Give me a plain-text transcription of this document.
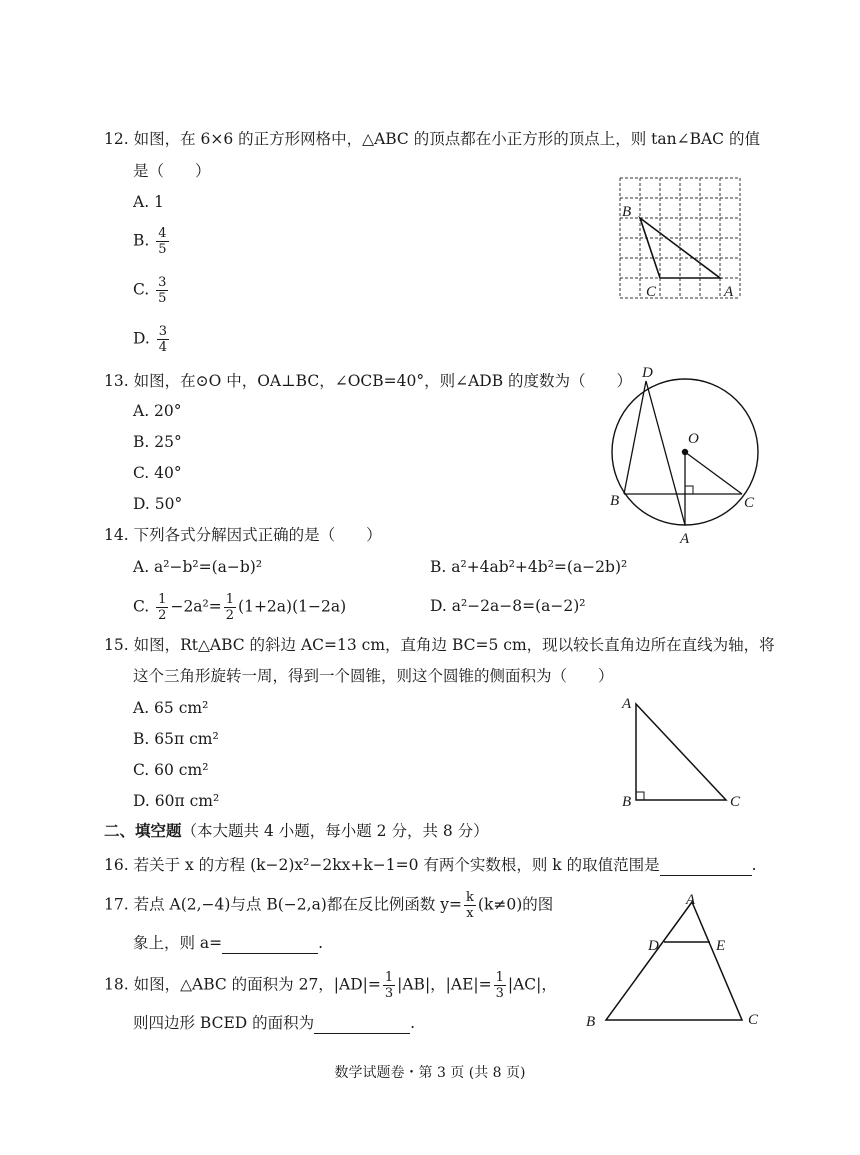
12. 如图，在 6×6 的正方形网格中，△ABC 的顶点都在小正方形的顶点上，则 tan∠BAC 的值
是（　　）
A. 1
B. $\frac{4}{5}$
C. $\frac{3}{5}$
D. $\frac{3}{4}$
B
C	A
13. 如图，在⊙O 中，OA⊥BC，∠OCB=40°，则∠ADB 的度数为（　　）
A. 20°
B. 25°
C. 40°
D. 50°
D
O
B	C
A
14. 下列各式分解因式正确的是（　　）
A. a²−b²=(a−b)²	B. a²+4ab²+4b²=(a−2b)²
C. $\frac{1}{2} -2a^2= \frac{1}{2} (1+2a)(1-2a)$	D. a²−2a−8=(a−2)²
15. 如图，Rt△ABC 的斜边 AC=13 cm，直角边 BC=5 cm，现以较长直角边所在直线为轴，将
这个三角形旋转一周，得到一个圆锥，则这个圆锥的侧面积为（　　）
A. 65 cm²
B. 65π cm²
C. 60 cm²
D. 60π cm²
A
B	C
二、填空题（本大题共 4 小题，每小题 2 分，共 8 分）
16. 若关于 x 的方程 (k−2)x²−2kx+k−1=0 有两个实数根，则 k 的取值范围是	.
17. 若点 A(2,−4)与点 B(−2,a)都在反比例函数 $y= \frac{k}{x} (k\ne 0)$的图
象上，则 a=	.
18. 如图，△ABC 的面积为 27，$|AD|= \frac{1}{3} |AB|$，$|AE|= \frac{1}{3} |AC|$，
则四边形 BCED 的面积为	.
A
D	E
B	C
数学试题卷・第 3 页 (共 8 页)
